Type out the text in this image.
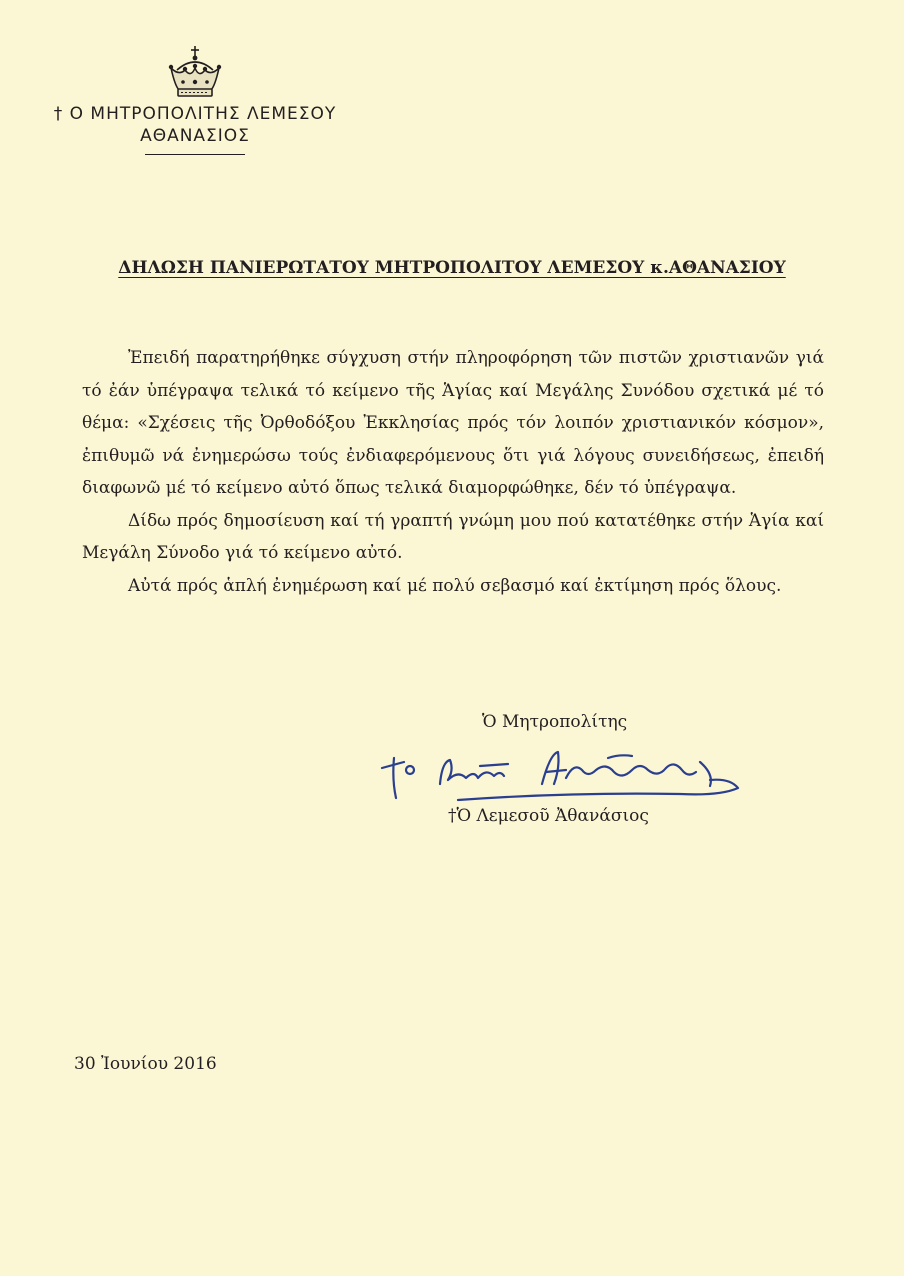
† Ο ΜΗΤΡΟΠΟΛΙΤΗΣ ΛΕΜΕΣΟΥ
ΑΘΑΝΑΣΙΟΣ
ΔΗΛΩΣΗ ΠΑΝΙΕΡΩΤΑΤΟΥ ΜΗΤΡΟΠΟΛΙΤΟΥ ΛΕΜΕΣΟΥ κ.ΑΘΑΝΑΣΙΟΥ

Ἐπειδή παρατηρήθηκε σύγχυση στήν πληροφόρηση τῶν πιστῶν χριστιανῶν γιά τό ἐάν ὑπέγραψα τελικά τό κείμενο τῆς Ἁγίας καί Μεγάλης Συνόδου σχετικά μέ τό θέμα: «Σχέσεις τῆς Ὀρθοδόξου Ἐκκλησίας πρός τόν λοιπόν χριστιανικόν κόσμον», ἐπιθυμῶ νά ἐνημερώσω τούς ἐνδιαφερόμενους ὅτι γιά λόγους συνειδήσεως, ἐπειδή διαφωνῶ μέ τό κείμενο αὐτό ὅπως τελικά διαμορφώθηκε, δέν τό ὑπέγραψα.

Δίδω πρός δημοσίευση καί τή γραπτή γνώμη μου πού κατατέθηκε στήν Ἁγία καί Μεγάλη Σύνοδο γιά τό κείμενο αὐτό.

Αὐτά πρός ἁπλή ἐνημέρωση καί μέ πολύ σεβασμό καί ἐκτίμηση πρός ὅλους.

Ὁ Μητροπολίτης
†Ὁ Λεμεσοῦ Ἀθανάσιος
30 Ἰουνίου 2016
